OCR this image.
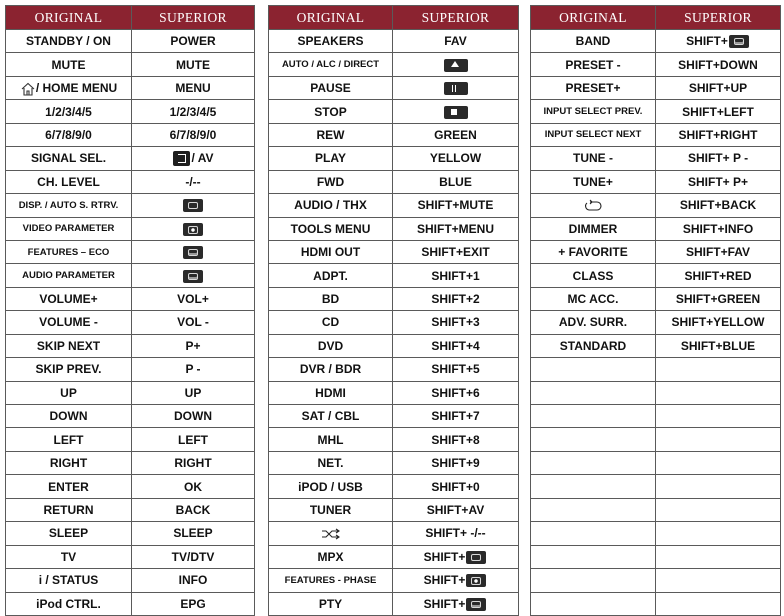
ORIGINAL	SUPERIOR
STANDBY / ON	POWER
MUTE	MUTE
/ HOME MENU	MENU
1/2/3/4/5	1/2/3/4/5
6/7/8/9/0	6/7/8/9/0
SIGNAL SEL.	/ AV
CH. LEVEL	-/--
DISP. / AUTO S. RTRV.	
VIDEO PARAMETER	
FEATURES – ECO	
AUDIO PARAMETER	
VOLUME+	VOL+
VOLUME -	VOL -
SKIP NEXT	P+
SKIP PREV.	P -
UP	UP
DOWN	DOWN
LEFT	LEFT
RIGHT	RIGHT
ENTER	OK
RETURN	BACK
SLEEP	SLEEP
TV	TV/DTV
i / STATUS	INFO
iPod CTRL.	EPG
ORIGINAL	SUPERIOR
SPEAKERS	FAV
AUTO / ALC / DIRECT	
PAUSE	
STOP	
REW	GREEN
PLAY	YELLOW
FWD	BLUE
AUDIO / THX	SHIFT+MUTE
TOOLS MENU	SHIFT+MENU
HDMI OUT	SHIFT+EXIT
ADPT.	SHIFT+1
BD	SHIFT+2
CD	SHIFT+3
DVD	SHIFT+4
DVR / BDR	SHIFT+5
HDMI	SHIFT+6
SAT / CBL	SHIFT+7
MHL	SHIFT+8
NET.	SHIFT+9
iPOD / USB	SHIFT+0
TUNER	SHIFT+AV
	SHIFT+ -/--
MPX	SHIFT+
FEATURES - PHASE	SHIFT+
PTY	SHIFT+
ORIGINAL	SUPERIOR
BAND	SHIFT+
PRESET -	SHIFT+DOWN
PRESET+	SHIFT+UP
INPUT SELECT PREV.	SHIFT+LEFT
INPUT SELECT NEXT	SHIFT+RIGHT
TUNE -	SHIFT+ P -
TUNE+	SHIFT+ P+
	SHIFT+BACK
DIMMER	SHIFT+INFO
+ FAVORITE	SHIFT+FAV
CLASS	SHIFT+RED
MC ACC.	SHIFT+GREEN
ADV. SURR.	SHIFT+YELLOW
STANDARD	SHIFT+BLUE
